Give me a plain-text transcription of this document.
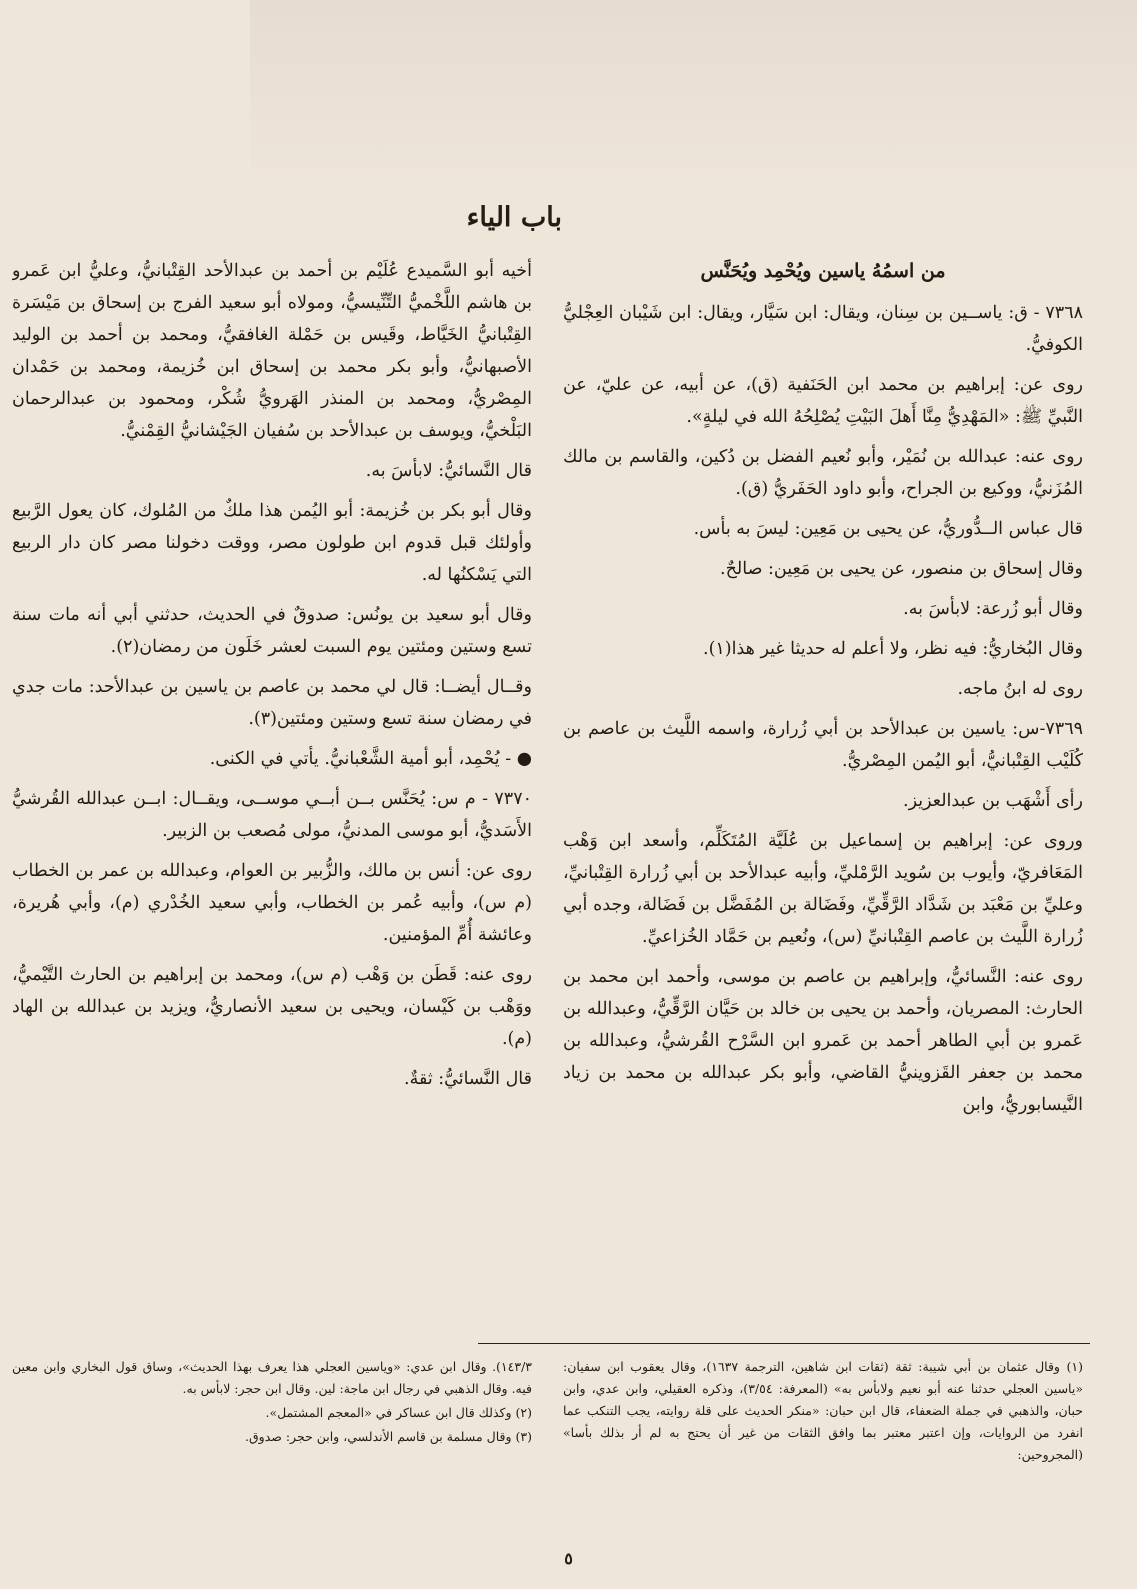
باب الياء

من اسمُهُ ياسين ويُحْمِد ويُحَنَّس

٧٣٦٨ - ق: ياســين بن سِنان، ويقال: ابن سَيَّار، ويقال: ابن شَيْبان العِجْليُّ الكوفيُّ.

روى عن: إبراهيم بن محمد ابن الحَنَفية (ق)، عن أبيه، عن عليّ، عن النَّبيِّ ﷺ: «المَهْدِيُّ مِنَّا أَهلَ البَيْتِ يُصْلِحُهُ الله في ليلةٍ».

روى عنه: عبدالله بن نُمَيْر، وأبو نُعيم الفضل بن دُكين، والقاسم بن مالك المُزَنيُّ، ووكيع بن الجراح، وأبو داود الحَفَريُّ (ق).

قال عباس الــدُّوريُّ، عن يحيى بن مَعِين: ليسَ به بأس.

وقال إسحاق بن منصور، عن يحيى بن مَعِين: صالحٌ.

وقال أبو زُرعة: لابأسَ به.

وقال البُخاريُّ: فيه نظر، ولا أعلم له حديثا غير هذا(١).

روى له ابنُ ماجه.

٧٣٦٩-س: ياسين بن عبدالأحد بن أبي زُرارة، واسمه اللَّيث بن عاصم بن كُلَيْب القِتْبانيُّ، أبو اليُمن المِصْريُّ.

رأى أَشْهَب بن عبدالعزيز.

وروى عن: إبراهيم بن إسماعيل بن عُلَيَّة المُتَكَلِّم، وأسعد ابن وَهْب المَعَافريّ، وأيوب بن سُويد الرَّمْليِّ، وأبيه عبدالأحد بن أبي زُرارة القِتْبانيِّ، وعليِّ بن مَعْبَد بن شَدَّاد الرَّقِّيِّ، وفَضَالة بن المُفَضَّل بن فَضَالة، وجده أبي زُرارة اللَّيث بن عاصم القِتْبانيِّ (س)، ونُعيم بن حَمَّاد الخُزاعيِّ.

روى عنه: النَّسائيُّ، وإبراهيم بن عاصم بن موسى، وأحمد ابن محمد بن الحارث: المصريان، وأحمد بن يحيى بن خالد بن حَيَّان الرَّقِّيُّ، وعبدالله بن عَمرو بن أبي الطاهر أحمد بن عَمرو ابن السَّرْح القُرشيُّ، وعبدالله بن محمد بن جعفر القَزوينيُّ القاضي، وأبو بكر عبدالله بن محمد بن زياد النَّيسابوريُّ، وابن

أخيه أبو السَّميدع عُلَيْم بن أحمد بن عبدالأحد القِتْبانيُّ، وعليُّ ابن عَمرو بن هاشم اللَّخْميُّ التِّنِّيسيُّ، ومولاه أبو سعيد الفرج بن إسحاق بن مَيْسَرة القِتْبانيُّ الخَيَّاط، وقَيس بن حَمْلة الغافقيُّ، ومحمد بن أحمد بن الوليد الأصبهانيُّ، وأبو بكر محمد بن إسحاق ابن خُزيمة، ومحمد بن حَمْدان المِصْريُّ، ومحمد بن المنذر الهَرويُّ شُكْر، ومحمود بن عبدالرحمان البَلْخيُّ، ويوسف بن عبدالأحد بن سُفيان الجَيْشانيُّ القِمْنيُّ.

قال النَّسائيُّ: لابأسَ به.

وقال أبو بكر بن خُزيمة: أبو اليُمن هذا ملكٌ من المُلوك، كان يعول الرَّبيع وأولئك قبل قدوم ابن طولون مصر، ووقت دخولنا مصر كان دار الربيع التي يَسْكنُها له.

وقال أبو سعيد بن يونُس: صدوقٌ في الحديث، حدثني أبي أنه مات سنة تسع وستين ومئتين يوم السبت لعشر خَلَون من رمضان(٢).

وقــال أيضــا: قال لي محمد بن عاصم بن ياسين بن عبدالأحد: مات جدي في رمضان سنة تسع وستين ومئتين(٣).

● - يُحْمِد، أبو أمية الشَّعْبانيُّ. يأتي في الكنى.

٧٣٧٠ - م س: يُحَنَّس بــن أبــي موســى، ويقــال: ابــن عبدالله القُرشيُّ الأَسَديُّ، أبو موسى المدنيُّ، مولى مُصعب بن الزبير.

روى عن: أنس بن مالك، والزُّبير بن العوام، وعبدالله بن عمر بن الخطاب (م س)، وأبيه عُمر بن الخطاب، وأبي سعيد الخُدْري (م)، وأبي هُريرة، وعائشة أُمِّ المؤمنين.

روى عنه: قَطَن بن وَهْب (م س)، ومحمد بن إبراهيم بن الحارث التَّيْميُّ، ووَهْب بن كَيْسان، ويحيى بن سعيد الأنصاريُّ، ويزيد بن عبدالله بن الهاد (م).

قال النَّسائيُّ: ثقةٌ.

(١) وقال عثمان بن أبي شيبة: ثقة (ثقات ابن شاهين، الترجمة ١٦٣٧)، وقال يعقوب ابن سفيان: «ياسين العجلي حدثنا عنه أبو نعيم ولابأس به» (المعرفة: ٣/٥٤)، وذكره العقيلي، وابن عدي، وابن حبان، والذهبي في جملة الضعفاء، قال ابن حبان: «منكر الحديث على قلة روايته، يجب التنكب عما انفرد من الروايات، وإن اعتبر معتبر بما وافق الثقات من غير أن يحتج به لم أر بذلك بأسا» (المجروحين:

١٤٣/٣). وقال ابن عدي: «وياسين العجلي هذا يعرف بهذا الحديث»، وساق قول البخاري وابن معين فيه. وقال الذهبي في رجال ابن ماجة: لين. وقال ابن حجر: لابأس به.

(٢) وكذلك قال ابن عساكر في «المعجم المشتمل».

(٣) وقال مسلمة بن قاسم الأندلسي، وابن حجر: صدوق.

٥
